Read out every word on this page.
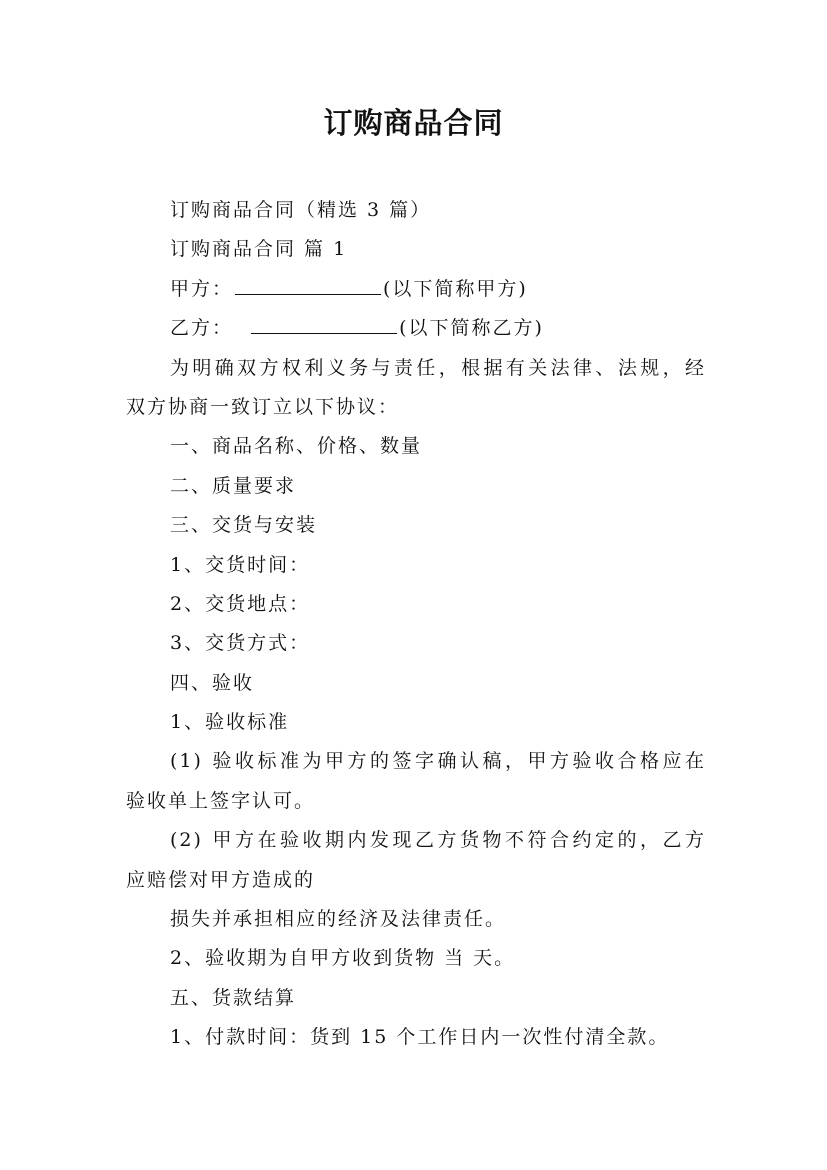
订购商品合同
订购商品合同（精选 3 篇）
订购商品合同 篇 1
甲方：	(以下简称甲方)
乙方：	(以下简称乙方)
为明确双方权利义务与责任，根据有关法律、法规，经
双方协商一致订立以下协议：
一、商品名称、价格、数量
二、质量要求
三、交货与安装
1、交货时间：
2、交货地点：
3、交货方式：
四、验收
1、验收标准
(1) 验收标准为甲方的签字确认稿，甲方验收合格应在
验收单上签字认可。
(2) 甲方在验收期内发现乙方货物不符合约定的，乙方
应赔偿对甲方造成的
损失并承担相应的经济及法律责任。
2、验收期为自甲方收到货物 当 天。
五、货款结算
1、付款时间：货到 15 个工作日内一次性付清全款。
